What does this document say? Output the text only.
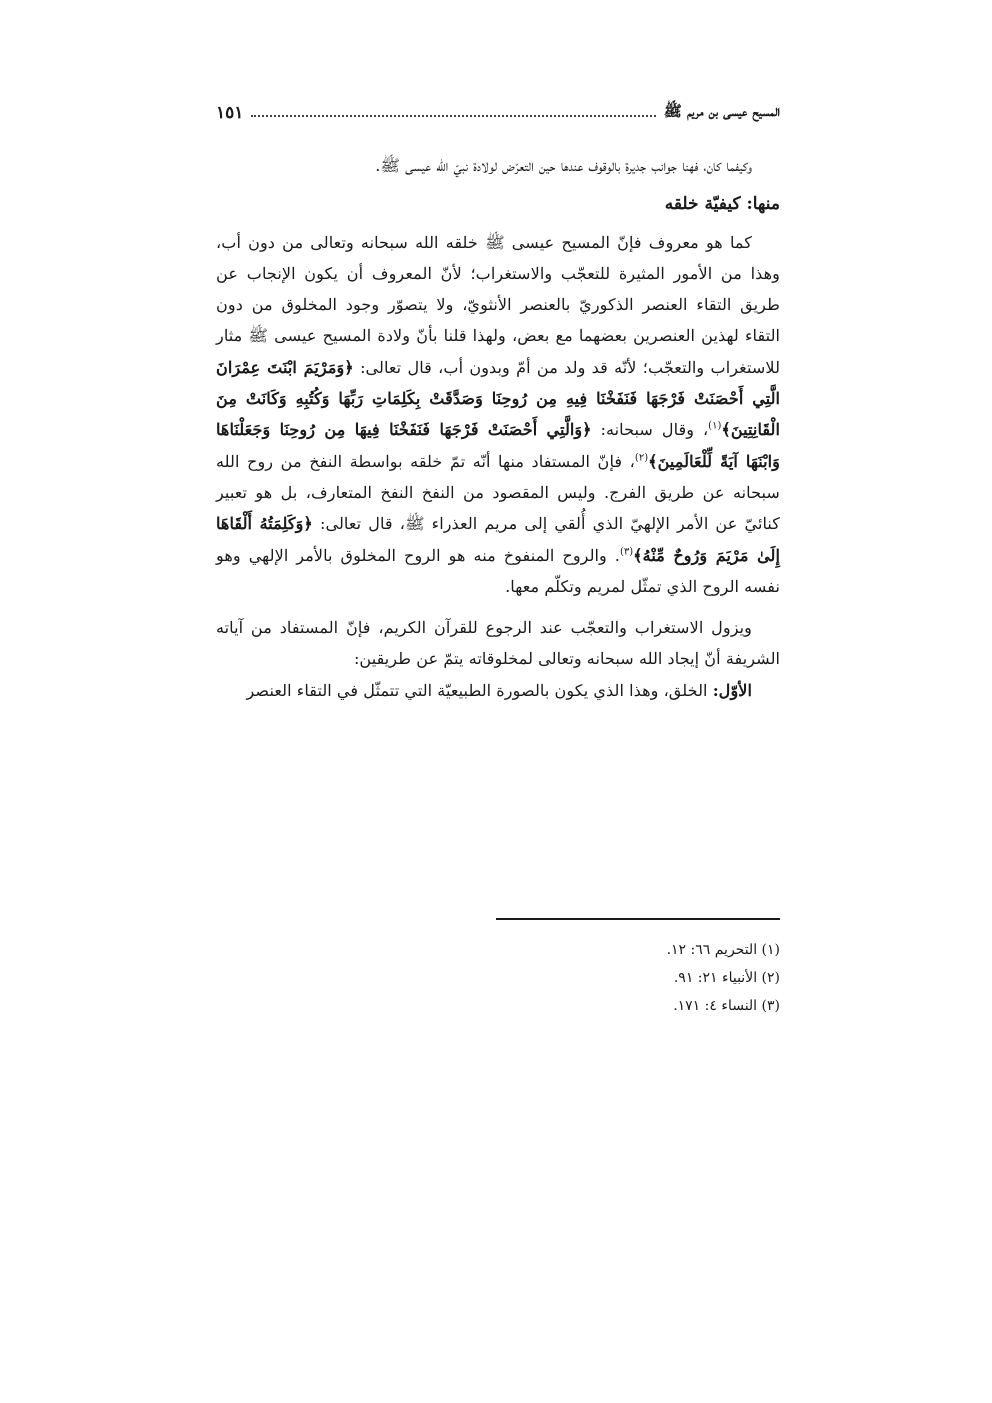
المسيح عيسى بن مريم ﷺ
١٥١

وكيفما كان، فهنا جوانب جديرة بالوقوف عندها حين التعرّض لولادة نبيّ الله عيسى ﷺ.

منها: كيفيّة خلقه

كما هو معروف فإنّ المسيح عيسى ﷺ خلقه الله سبحانه وتعالى من دون أب، وهذا من الأمور المثيرة للتعجّب والاستغراب؛ لأنّ المعروف أن يكون الإنجاب عن طريق التقاء العنصر الذكوريّ بالعنصر الأنثويّ، ولا يتصوّر وجود المخلوق من دون التقاء لهذين العنصرين بعضهما مع بعض، ولهذا قلنا بأنّ ولادة المسيح عيسى ﷺ مثار للاستغراب والتعجّب؛ لأنّه قد ولد من أمّ وبدون أب، قال تعالى: ﴿وَمَرْيَمَ ابْنَتَ عِمْرَانَ الَّتِي أَحْصَنَتْ فَرْجَهَا فَنَفَخْنَا فِيهِ مِن رُوحِنَا وَصَدَّقَتْ بِكَلِمَاتِ رَبِّهَا وَكُتُبِهِ وَكَانَتْ مِنَ الْقَانِتِينَ﴾$^{(١)}$، وقال سبحانه: ﴿وَالَّتِي أَحْصَنَتْ فَرْجَهَا فَنَفَخْنَا فِيهَا مِن رُوحِنَا وَجَعَلْنَاهَا وَابْنَهَا آيَةً لِّلْعَالَمِينَ﴾$^{(٢)}$، فإنّ المستفاد منها أنّه تمّ خلقه بواسطة النفخ من روح الله سبحانه عن طريق الفرج. وليس المقصود من النفخ النفخ المتعارف، بل هو تعبير كنائيّ عن الأمر الإلهيّ الذي أُلقي إلى مريم العذراء ﷺ، قال تعالى: ﴿وَكَلِمَتُهُ أَلْقَاهَا إِلَىٰ مَرْيَمَ وَرُوحٌ مِّنْهُ﴾$^{(٣)}$. والروح المنفوخ منه هو الروح المخلوق بالأمر الإلهي وهو نفسه الروح الذي تمثّل لمريم وتكلّم معها.

ويزول الاستغراب والتعجّب عند الرجوع للقرآن الكريم، فإنّ المستفاد من آياته الشريفة أنّ إيجاد الله سبحانه وتعالى لمخلوقاته يتمّ عن طريقين:

الأوّل: الخلق، وهذا الذي يكون بالصورة الطبيعيّة التي تتمثّل في التقاء العنصر

(١) التحريم ٦٦: ١٢.
(٢) الأنبياء ٢١: ٩١.
(٣) النساء ٤: ١٧١.
